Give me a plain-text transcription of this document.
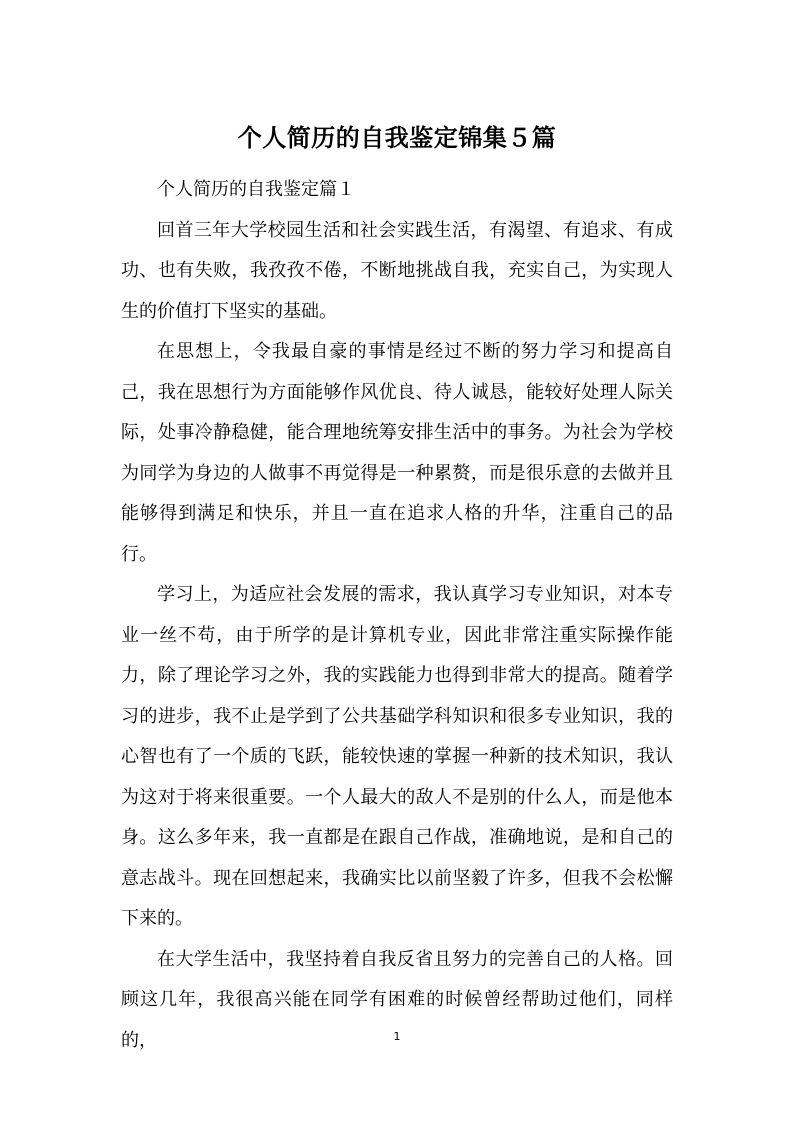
个人简历的自我鉴定锦集５篇

个人简历的自我鉴定篇１

回首三年大学校园生活和社会实践生活，有渴望、有追求、有成功、也有失败，我孜孜不倦，不断地挑战自我，充实自己，为实现人生的价值打下坚实的基础。

在思想上，令我最自豪的事情是经过不断的努力学习和提高自己，我在思想行为方面能够作风优良、待人诚恳，能较好处理人际关际，处事冷静稳健，能合理地统筹安排生活中的事务。为社会为学校为同学为身边的人做事不再觉得是一种累赘，而是很乐意的去做并且能够得到满足和快乐，并且一直在追求人格的升华，注重自己的品行。

学习上，为适应社会发展的需求，我认真学习专业知识，对本专业一丝不苟，由于所学的是计算机专业，因此非常注重实际操作能力，除了理论学习之外，我的实践能力也得到非常大的提高。随着学习的进步，我不止是学到了公共基础学科知识和很多专业知识，我的心智也有了一个质的飞跃，能较快速的掌握一种新的技术知识，我认为这对于将来很重要。一个人最大的敌人不是别的什么人，而是他本身。这么多年来，我一直都是在跟自己作战，准确地说，是和自己的意志战斗。现在回想起来，我确实比以前坚毅了许多，但我不会松懈下来的。

在大学生活中，我坚持着自我反省且努力的完善自己的人格。回顾这几年，我很高兴能在同学有困难的时候曾经帮助过他们，同样的，	1
